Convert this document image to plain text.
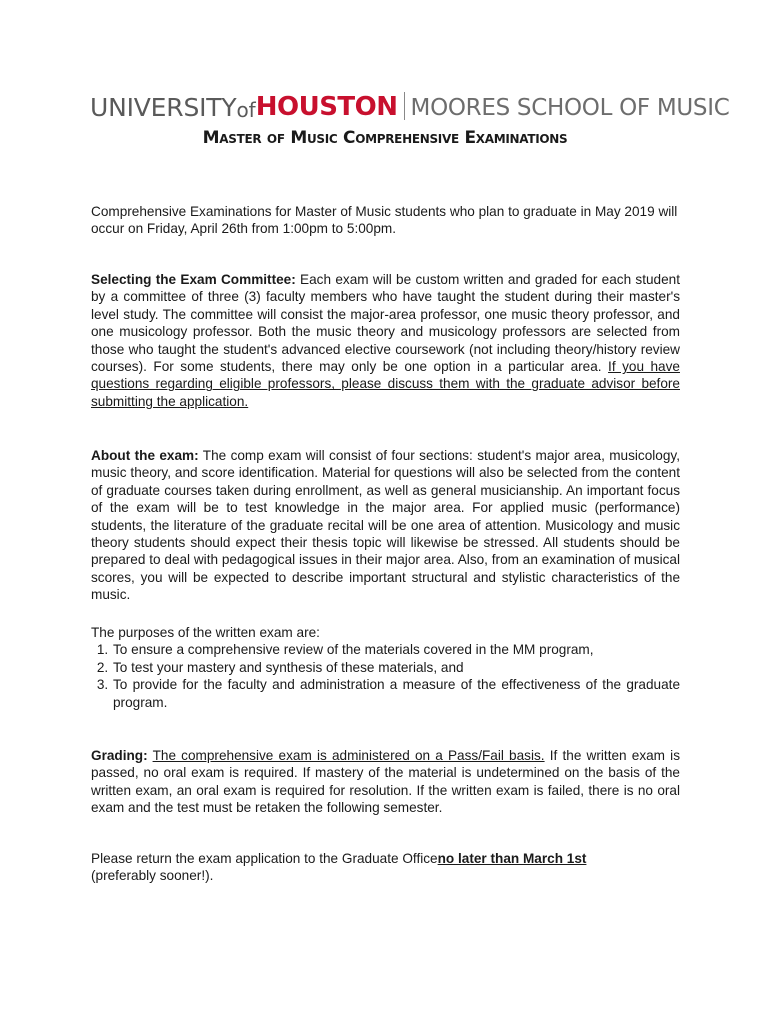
UNIVERSITY of HOUSTON MOORES SCHOOL OF MUSIC
Master of Music Comprehensive Examinations
Comprehensive Examinations for Master of Music students who plan to graduate in May 2019 will occur on Friday, April 26th from 1:00pm to 5:00pm.
Selecting the Exam Committee: Each exam will be custom written and graded for each student by a committee of three (3) faculty members who have taught the student during their master's level study. The committee will consist the major-area professor, one music theory professor, and one musicology professor. Both the music theory and musicology professors are selected from those who taught the student's advanced elective coursework (not including theory/history review courses). For some students, there may only be one option in a particular area. If you have questions regarding eligible professors, please discuss them with the graduate advisor before submitting the application.
About the exam: The comp exam will consist of four sections: student's major area, musicology, music theory, and score identification. Material for questions will also be selected from the content of graduate courses taken during enrollment, as well as general musicianship. An important focus of the exam will be to test knowledge in the major area. For applied music (performance) students, the literature of the graduate recital will be one area of attention. Musicology and music theory students should expect their thesis topic will likewise be stressed. All students should be prepared to deal with pedagogical issues in their major area. Also, from an examination of musical scores, you will be expected to describe important structural and stylistic characteristics of the music.
The purposes of the written exam are:
1. To ensure a comprehensive review of the materials covered in the MM program,
2. To test your mastery and synthesis of these materials, and
3. To provide for the faculty and administration a measure of the effectiveness of the graduate program.
Grading: The comprehensive exam is administered on a Pass/Fail basis. If the written exam is passed, no oral exam is required. If mastery of the material is undetermined on the basis of the written exam, an oral exam is required for resolution. If the written exam is failed, there is no oral exam and the test must be retaken the following semester.
Please return the exam application to the Graduate Officeno later than March 1st
(preferably sooner!).
